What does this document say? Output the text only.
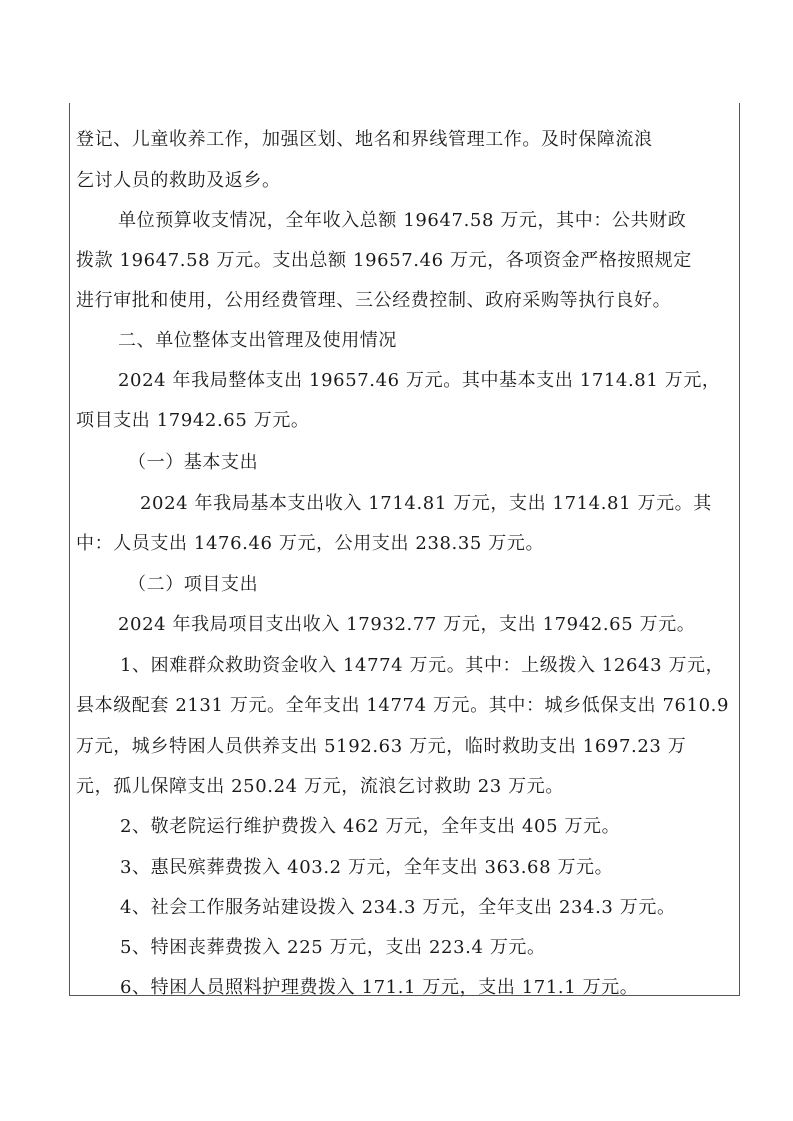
登记、儿童收养工作，加强区划、地名和界线管理工作。及时保障流浪
乞讨人员的救助及返乡。
单位预算收支情况，全年收入总额 19647.58 万元，其中：公共财政
拨款 19647.58 万元。支出总额 19657.46 万元，各项资金严格按照规定
进行审批和使用，公用经费管理、三公经费控制、政府采购等执行良好。
二、单位整体支出管理及使用情况
2024 年我局整体支出 19657.46 万元。其中基本支出 1714.81 万元，
项目支出 17942.65 万元。
（一）基本支出
2024 年我局基本支出收入 1714.81 万元，支出 1714.81 万元。其
中：人员支出 1476.46 万元，公用支出 238.35 万元。
（二）项目支出
2024 年我局项目支出收入 17932.77 万元，支出 17942.65 万元。
1、困难群众救助资金收入 14774 万元。其中：上级拨入 12643 万元，
县本级配套 2131 万元。全年支出 14774 万元。其中：城乡低保支出 7610.9
万元，城乡特困人员供养支出 5192.63 万元，临时救助支出 1697.23 万
元，孤儿保障支出 250.24 万元，流浪乞讨救助 23 万元。
2、敬老院运行维护费拨入 462 万元，全年支出 405 万元。
3、惠民殡葬费拨入 403.2 万元，全年支出 363.68 万元。
4、社会工作服务站建设拨入 234.3 万元，全年支出 234.3 万元。
5、特困丧葬费拨入 225 万元，支出 223.4 万元。
6、特困人员照料护理费拨入 171.1 万元，支出 171.1 万元。
